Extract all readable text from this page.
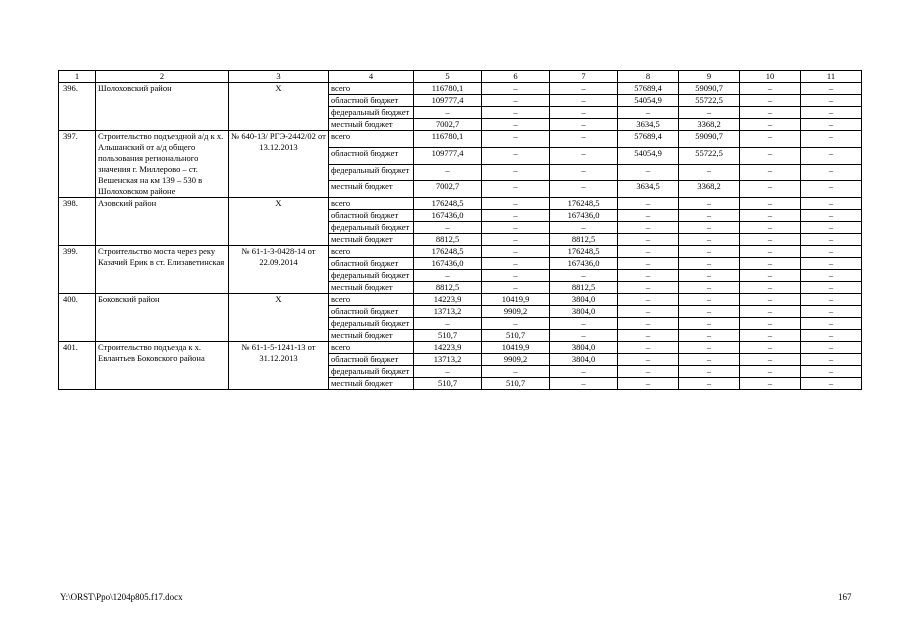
1	2	3	4	5	6	7	8	9	10	11
396.	Шолоховский район	Х	всего	116780,1	–	–	57689,4	59090,7	–	–
			областной бюджет	109777,4	–	–	54054,9	55722,5	–	–
			федеральный бюджет	–	–	–	–	–	–	–
			местный бюджет	7002,7	–	–	3634,5	3368,2	–	–
397.	Строительство подъездной а/д к х. Альшанский от а/д общего пользования регионального значения г. Миллерово – ст. Вешенская на км 139 – 530 в Шолоховском районе	№ 640-13/ РГЭ-2442/02 от 13.12.2013	всего	116780,1	–	–	57689,4	59090,7	–	–
			областной бюджет	109777,4	–	–	54054,9	55722,5	–	–
			федеральный бюджет	–	–	–	–	–	–	–
			местный бюджет	7002,7	–	–	3634,5	3368,2	–	–
398.	Азовский район	Х	всего	176248,5	–	176248,5	–	–	–	–
			областной бюджет	167436,0	–	167436,0	–	–	–	–
			федеральный бюджет	–	–	–	–	–	–	–
			местный бюджет	8812,5	–	8812,5	–	–	–	–
399.	Строительство моста через реку Казачий Ерик в ст. Елизаветинская	№ 61-1-3-0428-14 от 22.09.2014	всего	176248,5	–	176248,5	–	–	–	–
			областной бюджет	167436,0	–	167436,0	–	–	–	–
			федеральный бюджет	–	–	–	–	–	–	–
			местный бюджет	8812,5	–	8812,5	–	–	–	–
400.	Боковский район	Х	всего	14223,9	10419,9	3804,0	–	–	–	–
			областной бюджет	13713,2	9909,2	3804,0	–	–	–	–
			федеральный бюджет	–	–	–	–	–	–	–
			местный бюджет	510,7	510,7	–	–	–	–	–
401.	Строительство подъезда к х. Евлантьев Боковского района	№ 61-1-5-1241-13 от 31.12.2013	всего	14223,9	10419,9	3804,0	–	–	–	–
			областной бюджет	13713,2	9909,2	3804,0	–	–	–	–
			федеральный бюджет	–	–	–	–	–	–	–
			местный бюджет	510,7	510,7	–	–	–	–	–
Y:\ORST\Ppo\1204p805.f17.docx	167
